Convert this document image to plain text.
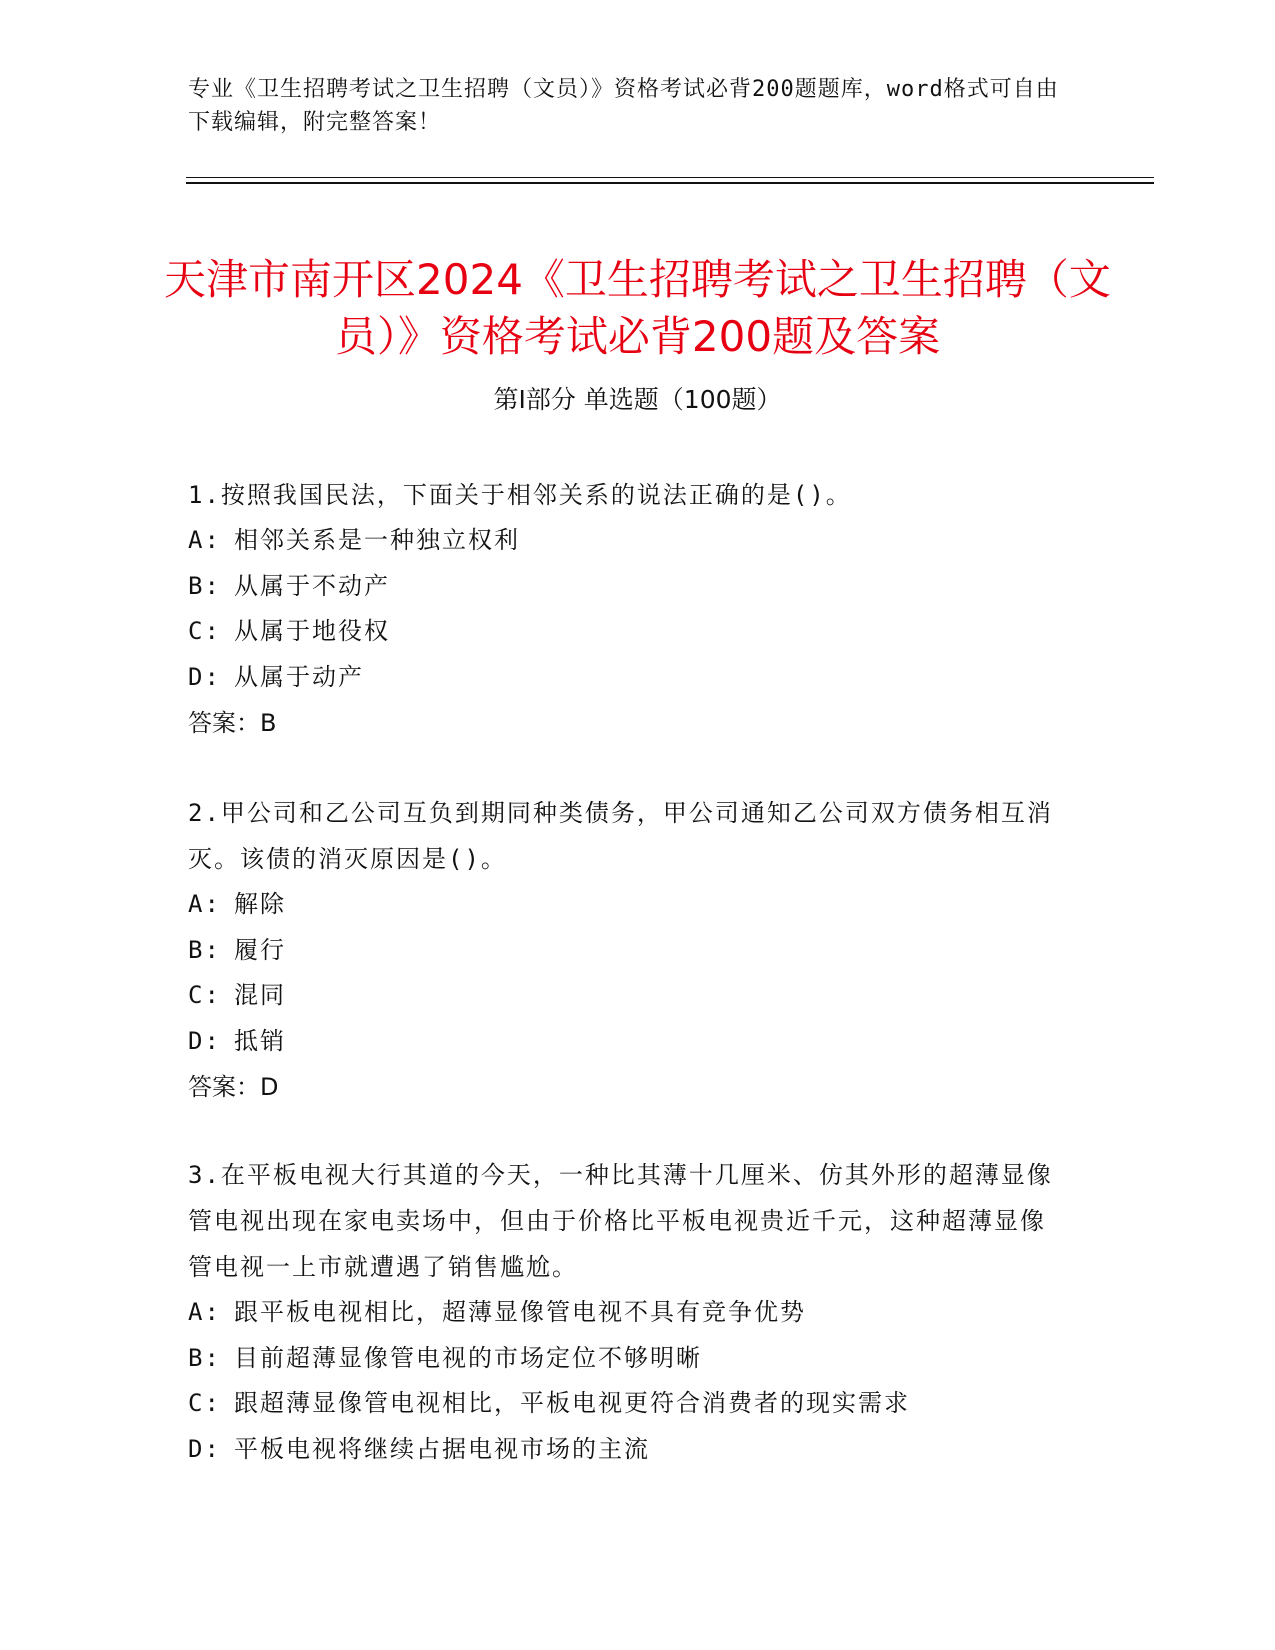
专业《卫生招聘考试之卫生招聘（文员）》资格考试必背200题题库，word格式可自由下载编辑，附完整答案！
天津市南开区2024《卫生招聘考试之卫生招聘（文员）》资格考试必背200题及答案
第Ⅰ部分 单选题（100题）

1.按照我国民法，下面关于相邻关系的说法正确的是()。

A: 相邻关系是一种独立权利

B: 从属于不动产

C: 从属于地役权

D: 从属于动产

答案：B

2.甲公司和乙公司互负到期同种类债务，甲公司通知乙公司双方债务相互消灭。该债的消灭原因是()。

A: 解除

B: 履行

C: 混同

D: 抵销

答案：D

3.在平板电视大行其道的今天，一种比其薄十几厘米、仿其外形的超薄显像管电视出现在家电卖场中，但由于价格比平板电视贵近千元，这种超薄显像管电视一上市就遭遇了销售尴尬。

A: 跟平板电视相比，超薄显像管电视不具有竞争优势

B: 目前超薄显像管电视的市场定位不够明晰

C: 跟超薄显像管电视相比，平板电视更符合消费者的现实需求

D: 平板电视将继续占据电视市场的主流
